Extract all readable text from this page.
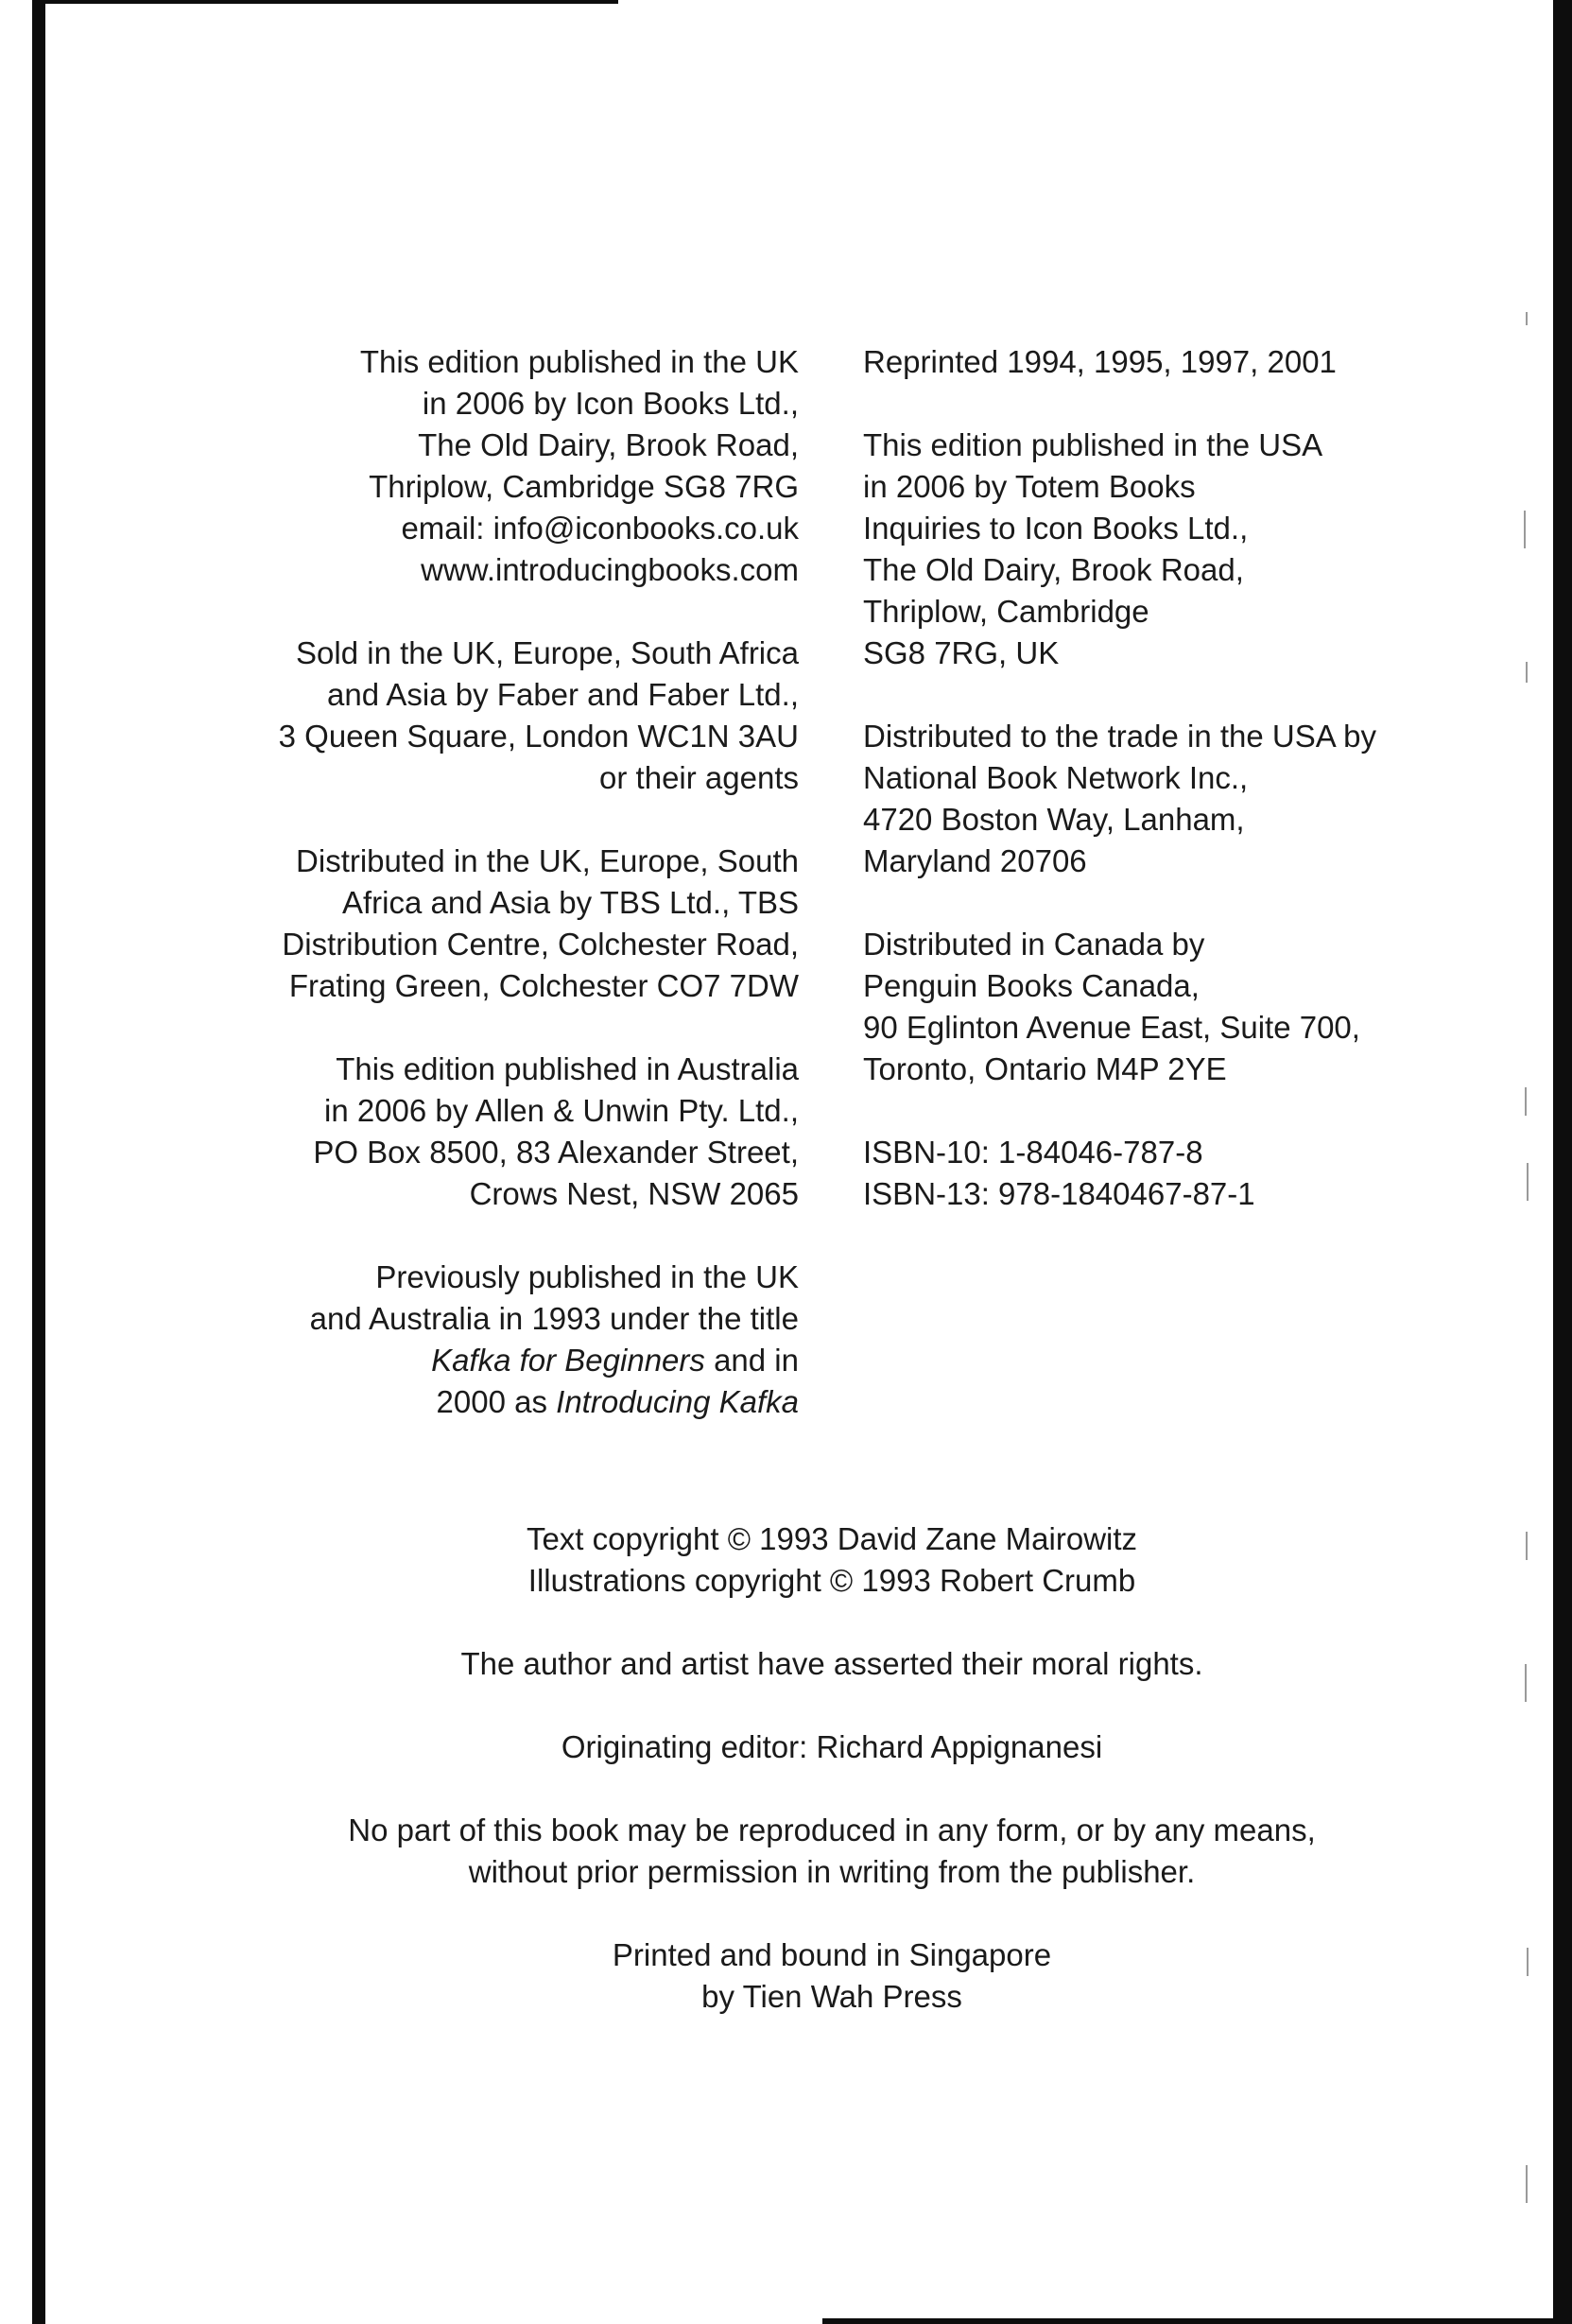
This edition published in the UK
in 2006 by Icon Books Ltd.,
The Old Dairy, Brook Road,
Thriplow, Cambridge SG8 7RG
email: info@iconbooks.co.uk
www.introducingbooks.com
Sold in the UK, Europe, South Africa
and Asia by Faber and Faber Ltd.,
3 Queen Square, London WC1N 3AU
or their agents
Distributed in the UK, Europe, South
Africa and Asia by TBS Ltd., TBS
Distribution Centre, Colchester Road,
Frating Green, Colchester CO7 7DW
This edition published in Australia
in 2006 by Allen & Unwin Pty. Ltd.,
PO Box 8500, 83 Alexander Street,
Crows Nest, NSW 2065
Previously published in the UK
and Australia in 1993 under the title
Kafka for Beginners and in
2000 as Introducing Kafka
Reprinted 1994, 1995, 1997, 2001
This edition published in the USA
in 2006 by Totem Books
Inquiries to Icon Books Ltd.,
The Old Dairy, Brook Road,
Thriplow, Cambridge
SG8 7RG, UK
Distributed to the trade in the USA by
National Book Network Inc.,
4720 Boston Way, Lanham,
Maryland 20706
Distributed in Canada by
Penguin Books Canada,
90 Eglinton Avenue East, Suite 700,
Toronto, Ontario M4P 2YE
ISBN-10: 1-84046-787-8
ISBN-13: 978-1840467-87-1
Text copyright © 1993 David Zane Mairowitz
Illustrations copyright © 1993 Robert Crumb
The author and artist have asserted their moral rights.
Originating editor: Richard Appignanesi
No part of this book may be reproduced in any form, or by any means,
without prior permission in writing from the publisher.
Printed and bound in Singapore
by Tien Wah Press
